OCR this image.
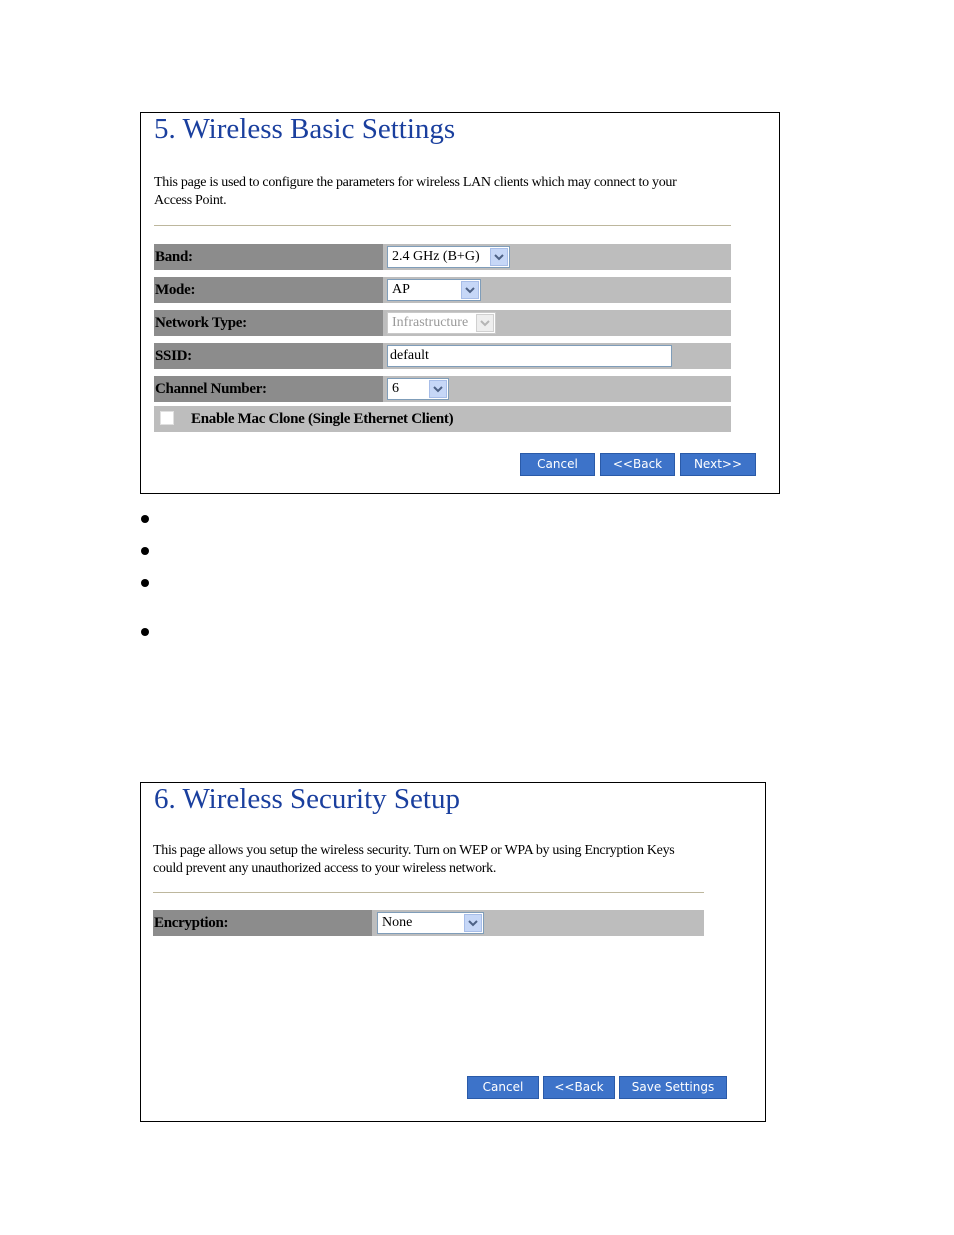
5. Wireless Basic Settings
This page is used to configure the parameters for wireless LAN clients which may connect to your
Access Point.
Band:	2.4 GHz (B+G)
Mode:	AP
Network Type:	Infrastructure
SSID:	default
Channel Number:	6
Enable Mac Clone (Single Ethernet Client)
Cancel	<<Back	Next>>
6. Wireless Security Setup
This page allows you setup the wireless security. Turn on WEP or WPA by using Encryption Keys
could prevent any unauthorized access to your wireless network.
Encryption:	None
Cancel	<<Back	Save Settings
